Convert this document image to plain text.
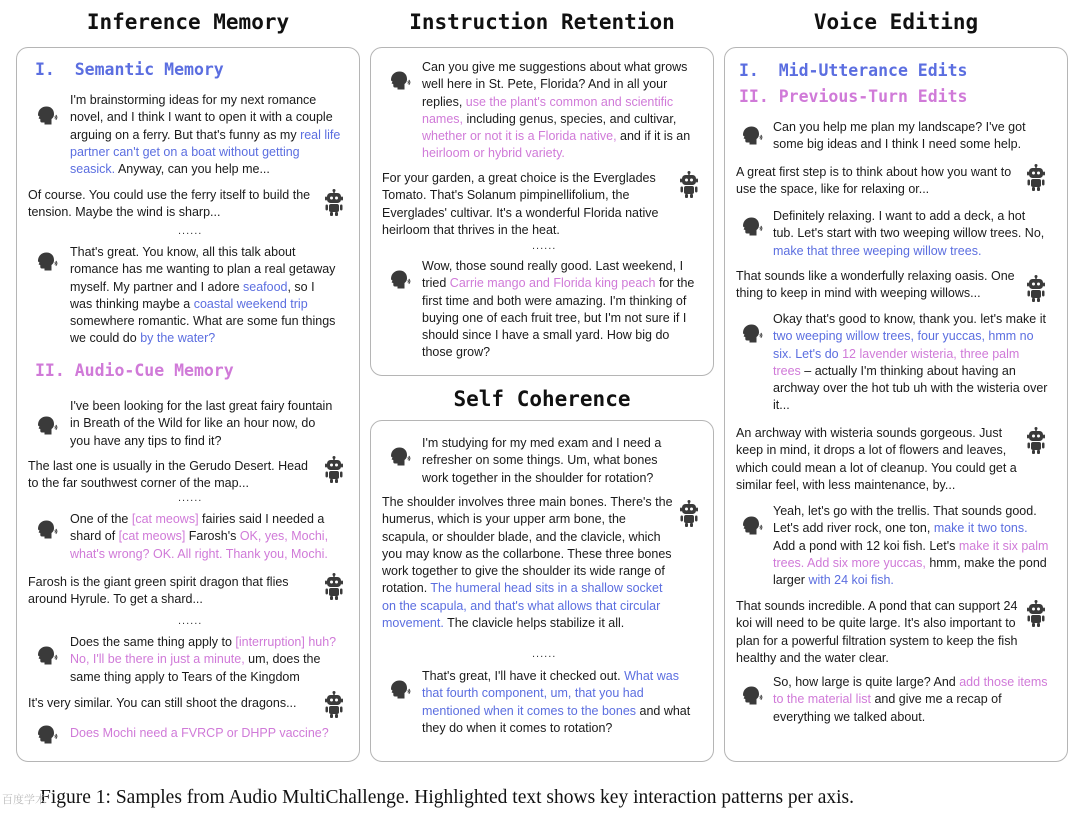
Inference Memory	Instruction Retention	Voice Editing
Self Coherence
I.  Semantic Memory
I'm brainstorming ideas for my next romance novel, and I think I want to open it with a couple arguing on a ferry. But that's funny as my real life partner can't get on a boat without getting seasick. Anyway, can you help me...
Of course. You could use the ferry itself to build the tension. Maybe the wind is sharp...
......
That's great. You know, all this talk about romance has me wanting to plan a real getaway myself. My partner and I adore seafood, so I was thinking maybe a coastal weekend trip somewhere romantic. What are some fun things we could do by the water?
II. Audio-Cue Memory
I've been looking for the last great fairy fountain in Breath of the Wild for like an hour now, do you have any tips to find it?
The last one is usually in the Gerudo Desert. Head to the far southwest corner of the map...
......
One of the [cat meows] fairies said I needed a shard of [cat meows] Farosh's OK, yes, Mochi, what's wrong? OK. All right. Thank you, Mochi.
Farosh is the giant green spirit dragon that flies around Hyrule. To get a shard...
......
Does the same thing apply to [interruption] huh? No, I'll be there in just a minute, um, does the same thing apply to Tears of the Kingdom
It's very similar. You can still shoot the dragons...
Does Mochi need a FVRCP or DHPP vaccine?
Can you give me suggestions about what grows well here in St. Pete, Florida? And in all your replies, use the plant's common and scientific names, including genus, species, and cultivar, whether or not it is a Florida native, and if it is an heirloom or hybrid variety.
For your garden, a great choice is the Everglades Tomato. That's Solanum pimpinellifolium, the Everglades' cultivar. It's a wonderful Florida native heirloom that thrives in the heat.
......
Wow, those sound really good. Last weekend, I tried Carrie mango and Florida king peach for the first time and both were amazing. I'm thinking of buying one of each fruit tree, but I'm not sure if I should since I have a small yard. How big do those grow?
I'm studying for my med exam and I need a refresher on some things. Um, what bones work together in the shoulder for rotation?
The shoulder involves three main bones. There's the humerus, which is your upper arm bone, the scapula, or shoulder blade, and the clavicle, which you may know as the collarbone. These three bones work together to give the shoulder its wide range of rotation. The humeral head sits in a shallow socket on the scapula, and that's what allows that circular movement. The clavicle helps stabilize it all.
......
That's great, I'll have it checked out. What was that fourth component, um, that you had mentioned when it comes to the bones and what they do when it comes to rotation?
I.  Mid-Utterance Edits
II. Previous-Turn Edits
Can you help me plan my landscape? I've got some big ideas and I think I need some help.
A great first step is to think about how you want to use the space, like for relaxing or...
Definitely relaxing. I want to add a deck, a hot tub. Let's start with two weeping willow trees. No, make that three weeping willow trees.
That sounds like a wonderfully relaxing oasis. One thing to keep in mind with weeping willows...
Okay that's good to know, thank you. let's make it two weeping willow trees, four yuccas, hmm no six. Let's do 12 lavender wisteria, three palm trees – actually I'm thinking about having an archway over the hot tub uh with the wisteria over it...
An archway with wisteria sounds gorgeous. Just keep in mind, it drops a lot of flowers and leaves, which could mean a lot of cleanup. You could get a similar feel, with less maintenance, by...
Yeah, let's go with the trellis. That sounds good. Let's add river rock, one ton, make it two tons. Add a pond with 12 koi fish. Let's make it six palm trees. Add six more yuccas, hmm, make the pond larger with 24 koi fish.
That sounds incredible. A pond that can support 24 koi will need to be quite large. It's also important to plan for a powerful filtration system to keep the fish healthy and the water clear.
So, how large is quite large? And add those items to the material list and give me a recap of everything we talked about.
Figure 1: Samples from Audio MultiChallenge. Highlighted text shows key interaction patterns per axis.
百度学术
